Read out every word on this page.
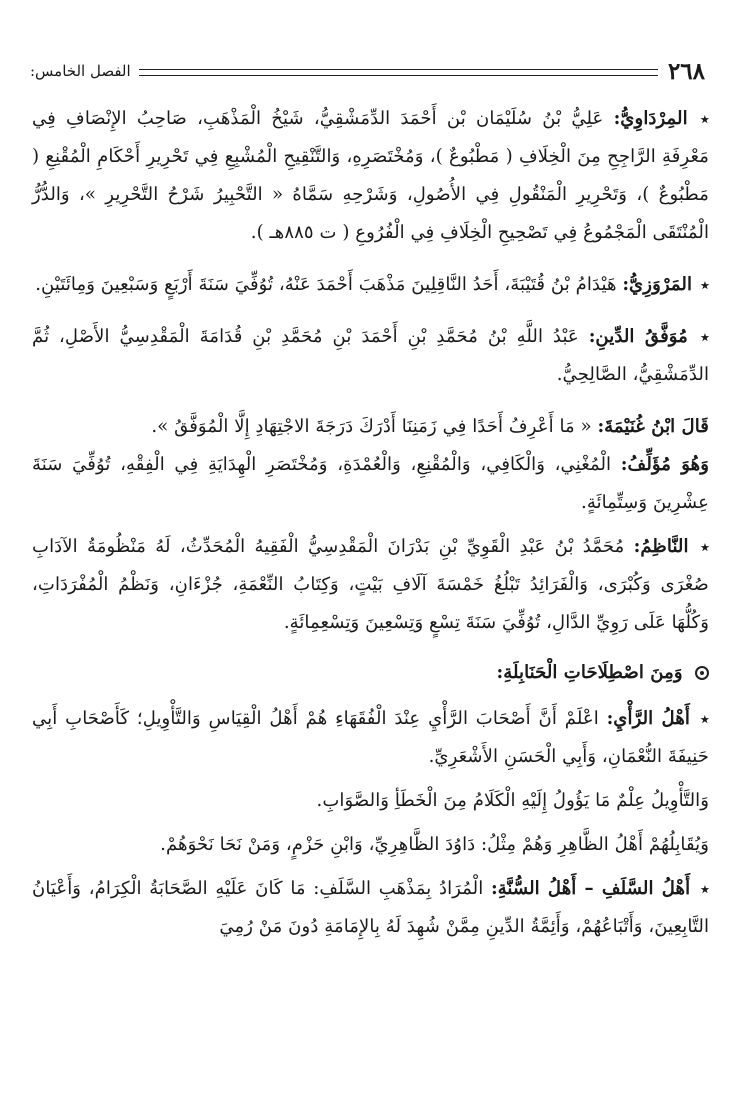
٢٦٨
الفصل الخامس:

٭ المِرْدَاوِيُّ: عَلِيُّ بْنُ سُلَيْمَان بْن أَحْمَدَ الدِّمَشْقِيُّ، شَيْخُ الْمَذْهَبِ، صَاحِبُ الإِنْصَافِ فِي مَعْرِفَةِ الرَّاجِحِ مِنَ الْخِلَافِ ( مَطْبُوعٌ )، وَمُخْتَصَرِهِ، وَالتَّنْقِيحِ الْمُشْبِعِ فِي تَحْرِيرِ أَحْكَامِ الْمُقْنِعِ ( مَطْبُوعٌ )، وَتَحْرِيرِ الْمَنْقُولِ فِي الأُصُولِ، وَشَرْحِهِ سَمَّاهُ « التَّحْبِيرُ شَرْحُ التَّحْرِيرِ »، وَالدُّرُّ الْمُنْتَقَى الْمَجْمُوعُ فِي تَصْحِيحِ الْخِلَافِ فِي الْفُرُوعِ ( ت ٨٨٥هـ ).

٭ المَرْوَزِيُّ: هَيْدَامُ بْنُ قُتَيْبَةَ، أَحَدُ النَّاقِلِينَ مَذْهَبَ أَحْمَدَ عَنْهُ، تُوُفِّيَ سَنَةَ أَرْبَعٍ وَسَبْعِينَ وَمِائَتَيْنِ.

٭ مُوَفَّقُ الدِّينِ: عَبْدُ اللَّهِ بْنُ مُحَمَّدِ بْنِ أَحْمَدَ بْنِ مُحَمَّدِ بْنِ قُدَامَةَ الْمَقْدِسِيُّ الأَصْلِ، ثُمَّ الدِّمَشْقِيُّ، الصَّالِحِيُّ.

قَالَ ابْنُ غُنَيْمَةَ: « مَا أَعْرِفُ أَحَدًا فِي زَمَنِنَا أَدْرَكَ دَرَجَةَ الاجْتِهَادِ إِلَّا الْمُوَفَّقُ ».
وَهُوَ مُؤَلِّفُ: الْمُغْنِي، وَالْكَافِي، وَالْمُقْنِعِ، وَالْعُمْدَةِ، وَمُخْتَصَرِ الْهِدَايَةِ فِي الْفِقْهِ، تُوُفِّيَ سَنَةَ عِشْرِينَ وَسِتِّمِائَةٍ.

٭ النَّاظِمُ: مُحَمَّدُ بْنُ عَبْدِ الْقَوِيِّ بْنِ بَدْرَانَ الْمَقْدِسِيُّ الْفَقِيهُ الْمُحَدِّثُ، لَهُ مَنْظُومَةُ الآدَابِ صُغْرَى وَكُبْرَى، وَالْفَرَائِدُ تَبْلُغُ خَمْسَةَ آلَافِ بَيْتٍ، وَكِتَابُ النِّعْمَةِ، جُزْءَانِ، وَنَظْمُ الْمُفْرَدَاتِ، وَكُلُّهَا عَلَى رَوِيِّ الدَّالِ، تُوُفِّيَ سَنَةَ تِسْعٍ وَتِسْعِينَ وَتِسْعِمِائَةٍ.

وَمِنَ اصْطِلَاحَاتِ الْحَنَابِلَةِ:

٭ أَهْلُ الرَّأْيِ: اعْلَمْ أَنَّ أَصْحَابَ الرَّأْيِ عِنْدَ الْفُقَهَاءِ هُمْ أَهْلُ الْقِيَاسِ وَالتَّأْوِيلِ؛ كَأَصْحَابِ أَبِي حَنِيفَةَ النُّعْمَانِ، وَأَبِي الْحَسَنِ الأَشْعَرِيِّ.

وَالتَّأْوِيلُ عِلْمٌ مَا يَؤُولُ إِلَيْهِ الْكَلَامُ مِنَ الْخَطَأِ وَالصَّوَابِ.

وَيُقَابِلُهُمْ أَهْلُ الظَّاهِرِ وَهُمْ مِثْلُ: دَاوُدَ الظَّاهِرِيِّ، وَابْنِ حَزْمٍ، وَمَنْ نَحَا نَحْوَهُمْ.

٭ أَهْلُ السَّلَفِ – أَهْلُ السُّنَّةِ: الْمُرَادُ بِمَذْهَبِ السَّلَفِ: مَا كَانَ عَلَيْهِ الصَّحَابَةُ الْكِرَامُ، وَأَعْيَانُ التَّابِعِينَ، وَأَتْبَاعُهُمْ، وَأَئِمَّةُ الدِّينِ مِمَّنْ شُهِدَ لَهُ بِالإِمَامَةِ دُونَ مَنْ رُمِيَ
